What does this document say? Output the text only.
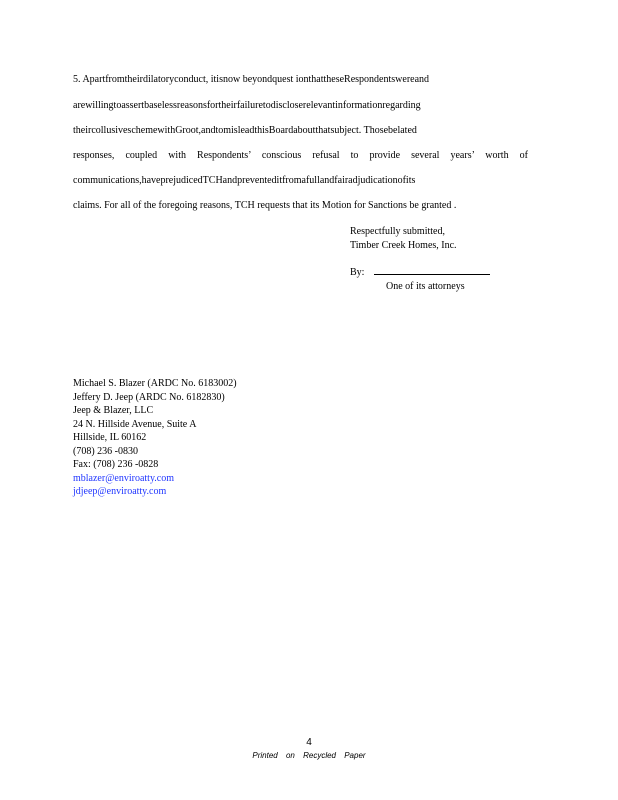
5. Apartfromtheirdilatoryconduct, itisnow beyondquest ionthattheseRespondentswereand
arewillingtoassertbaselessreasonsfortheirfailuretodiscloserelevantinformationregarding
theircollusiveschemewithGroot,andtomisleadthisBoardaboutthatsubject. Thosebelated
responses, coupled with Respondents’ conscious refusal to provide several years’ worth of
communications,haveprejudicedTCHandpreventeditfromafullandfairadjudicationofits
claims. For all of the foregoing reasons, TCH requests that its Motion for Sanctions be granted .
Respectfully submitted,
Timber Creek Homes, Inc.
By:
One of its attorneys
Michael S. Blazer (ARDC No. 6183002)
Jeffery D. Jeep (ARDC No. 6182830)
Jeep & Blazer, LLC
24 N. Hillside Avenue, Suite A
Hillside, IL 60162
(708) 236 -0830
Fax: (708) 236 -0828
mblazer@enviroatty.com
jdjeep@enviroatty.com
4
Printed on Recycled Paper
